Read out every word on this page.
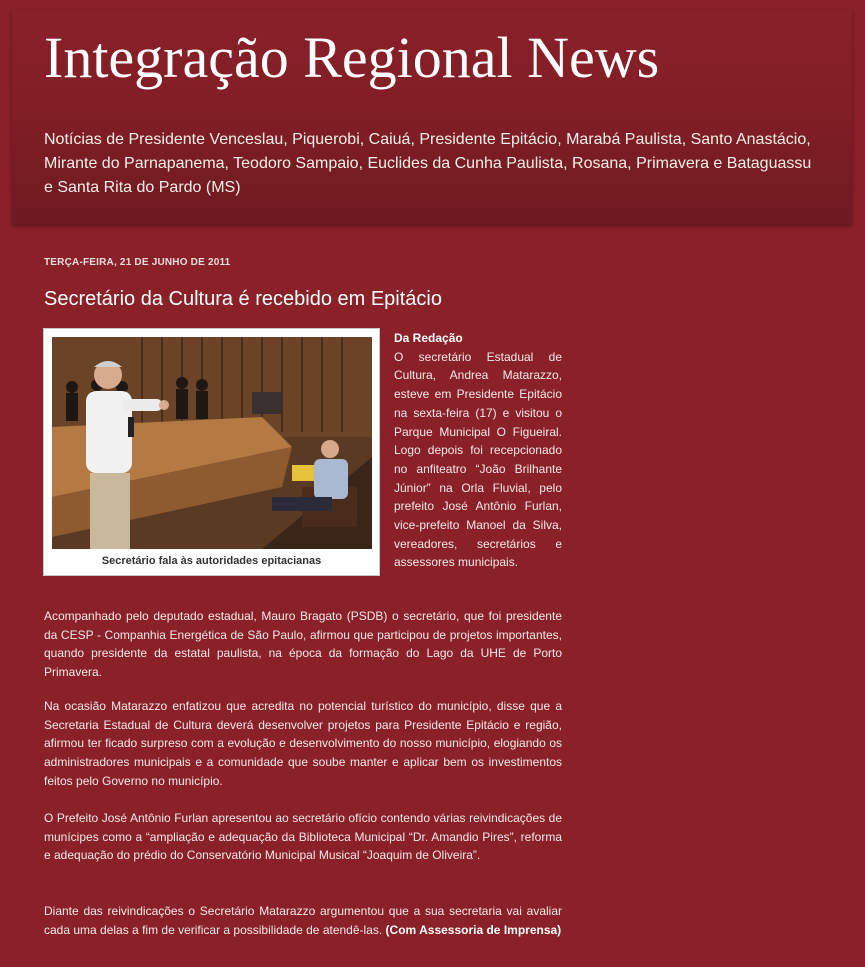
Integração Regional News
Notícias de Presidente Venceslau, Piquerobi, Caiuá, Presidente Epitácio, Marabá Paulista, Santo Anastácio, Mirante do Parnapanema, Teodoro Sampaio, Euclides da Cunha Paulista, Rosana, Primavera e Bataguassu e Santa Rita do Pardo (MS)
TERÇA-FEIRA, 21 DE JUNHO DE 2011
Secretário da Cultura é recebido em Epitácio
Secretário fala às autoridades epitacianas
Da Redação
O secretário Estadual de Cultura, Andrea Matarazzo, esteve em Presidente Epitácio na sexta-feira (17) e visitou o Parque Municipal O Figueiral. Logo depois foi recepcionado no anfiteatro “João Brilhante Júnior” na Orla Fluvial, pelo prefeito José Antônio Furlan, vice-prefeito Manoel da Silva, vereadores, secretários e assessores municipais.
Acompanhado pelo deputado estadual, Mauro Bragato (PSDB) o secretário, que foi presidente da CESP - Companhia Energética de São Paulo, afirmou que participou de projetos importantes, quando presidente da estatal paulista, na época da formação do Lago da UHE de Porto Primavera.
Na ocasião Matarazzo enfatizou que acredita no potencial turístico do município, disse que a Secretaria Estadual de Cultura deverá desenvolver projetos para Presidente Epitácio e região, afirmou ter ficado surpreso com a evolução e desenvolvimento do nosso município, elogiando os administradores municipais e a comunidade que soube manter e aplicar bem os investimentos feitos pelo Governo no município.
O Prefeito José Antônio Furlan apresentou ao secretário ofício contendo várias reivindicações de munícipes como a “ampliação e adequação da Biblioteca Municipal “Dr. Amandio Pires”, reforma e adequação do prédio do Conservatório Municipal Musical “Joaquim de Oliveira”.
Diante das reivindicações o Secretário Matarazzo argumentou que a sua secretaria vai avaliar cada uma delas a fim de verificar a possibilidade de atendê-las. (Com Assessoria de Imprensa)
